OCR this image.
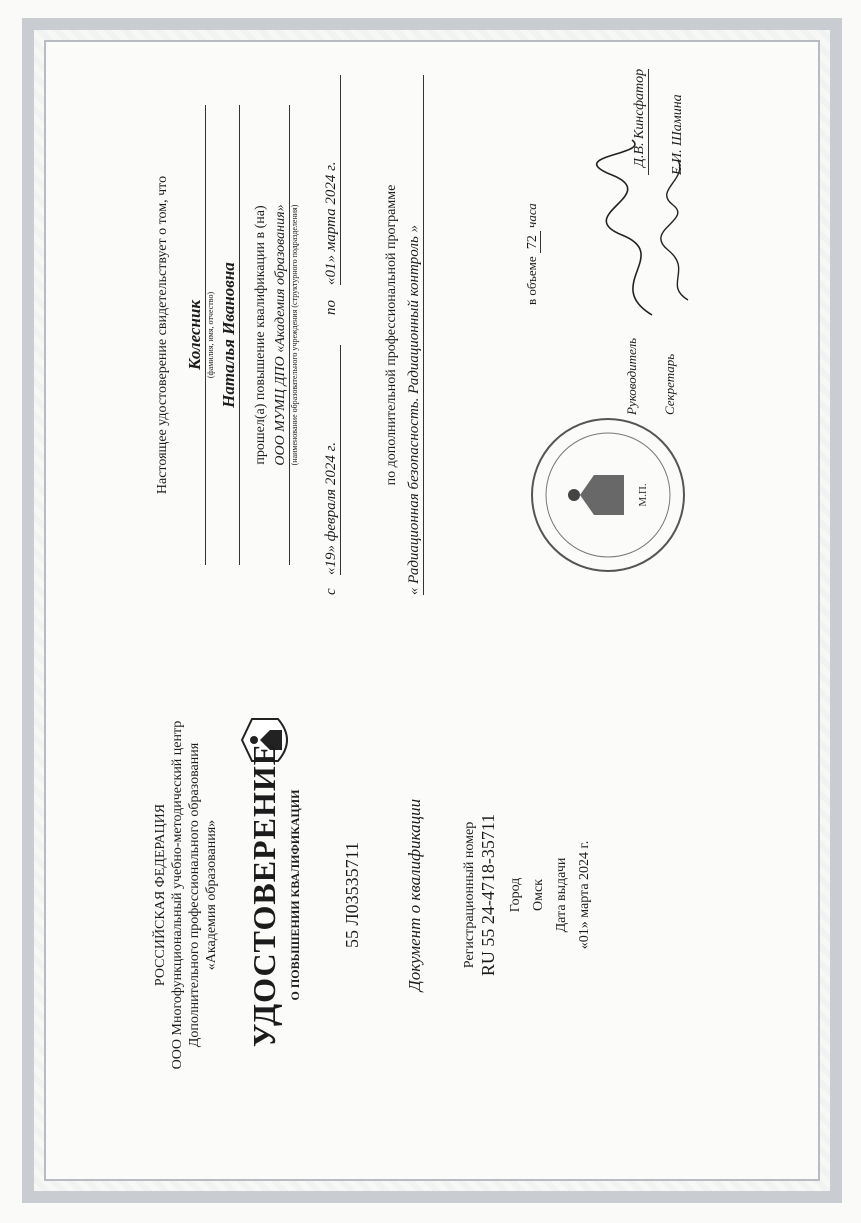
РОССИЙСКАЯ ФЕДЕРАЦИЯ ООО Многофункциональный учебно-методический центр Дополнительного профессионального образования «Академия образования» УДОСТОВЕРЕНИЕ О ПОВЫШЕНИИ КВАЛИФИКАЦИИ 55 Л03535711	Документ о квалификации	Регистрационный номер RU 55 24-4718-35711 Город Омск Дата выдачи «01» марта 2024 г.
Настоящее удостоверение свидетельствует о том, что Колесник (фамилия, имя, отчество) Наталья Ивановна прошел(а) повышение квалификации в (на) ООО МУМЦ ДПО «Академия образования» (наименование образовательного учреждения (структурного подразделения)
с
«19» февраля 2024 г.
по
«01» марта 2024 г.	по дополнительной профессиональной программе « Радиационная безопасность. Радиационный контроль »	в объеме 72 часа
М.П.
Руководитель Секретарь
Д.В. Кинсфатор Е.И. Шамина
